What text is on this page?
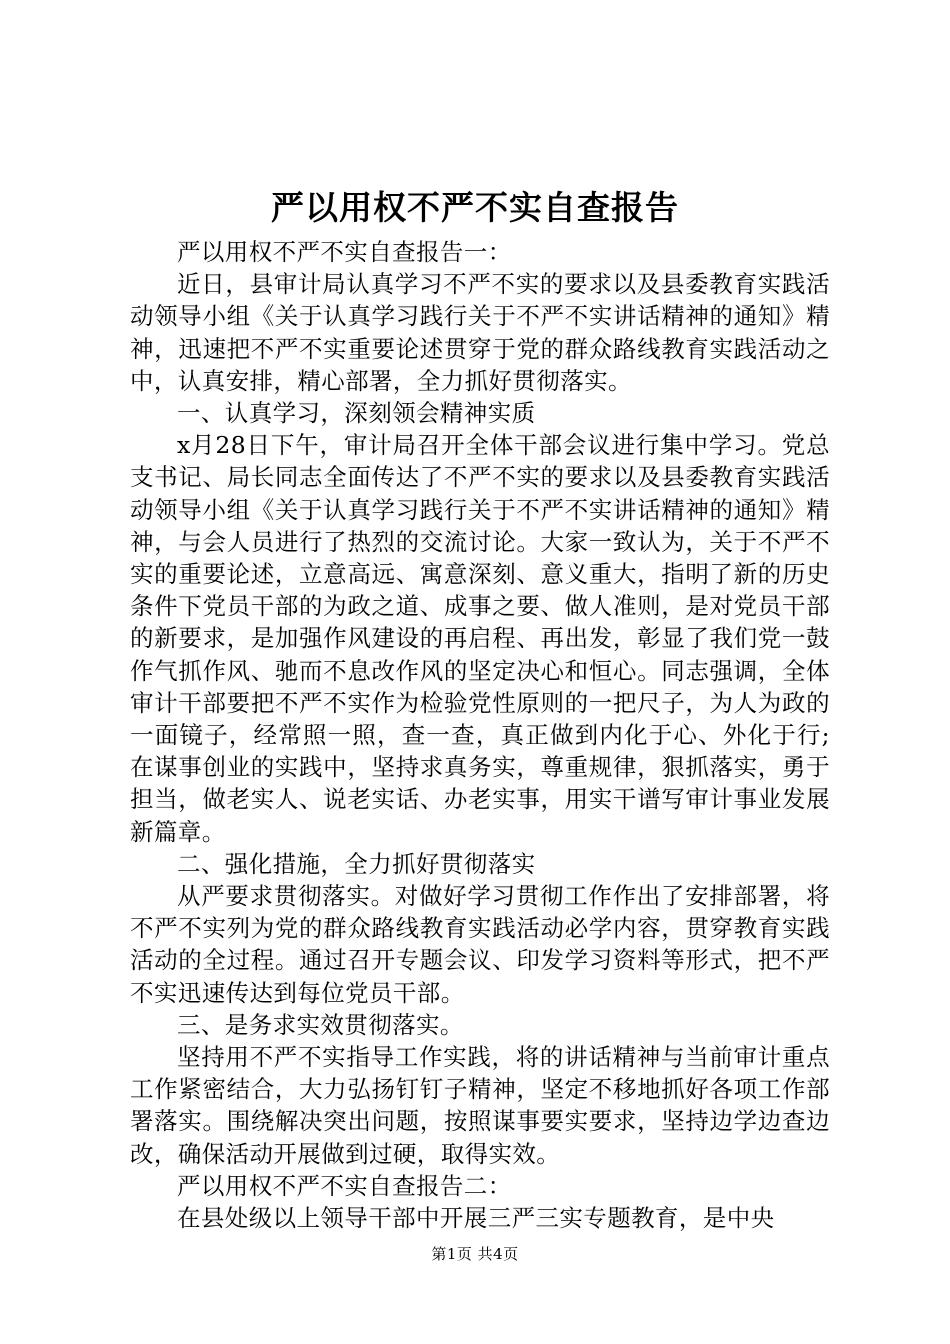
严以用权不严不实自查报告

严以用权不严不实自查报告一：

近日，县审计局认真学习不严不实的要求以及县委教育实践活动领导小组《关于认真学习践行关于不严不实讲话精神的通知》精神，迅速把不严不实重要论述贯穿于党的群众路线教育实践活动之中，认真安排，精心部署，全力抓好贯彻落实。

一、认真学习，深刻领会精神实质

x月28日下午，审计局召开全体干部会议进行集中学习。党总支书记、局长同志全面传达了不严不实的要求以及县委教育实践活动领导小组《关于认真学习践行关于不严不实讲话精神的通知》精神，与会人员进行了热烈的交流讨论。大家一致认为，关于不严不实的重要论述，立意高远、寓意深刻、意义重大，指明了新的历史条件下党员干部的为政之道、成事之要、做人准则，是对党员干部的新要求，是加强作风建设的再启程、再出发，彰显了我们党一鼓作气抓作风、驰而不息改作风的坚定决心和恒心。同志强调，全体审计干部要把不严不实作为检验党性原则的一把尺子，为人为政的一面镜子，经常照一照，查一查，真正做到内化于心、外化于行;在谋事创业的实践中，坚持求真务实，尊重规律，狠抓落实，勇于担当，做老实人、说老实话、办老实事，用实干谱写审计事业发展新篇章。

二、强化措施，全力抓好贯彻落实

从严要求贯彻落实。对做好学习贯彻工作作出了安排部署，将不严不实列为党的群众路线教育实践活动必学内容，贯穿教育实践活动的全过程。通过召开专题会议、印发学习资料等形式，把不严不实迅速传达到每位党员干部。

三、是务求实效贯彻落实。

坚持用不严不实指导工作实践，将的讲话精神与当前审计重点工作紧密结合，大力弘扬钉钉子精神，坚定不移地抓好各项工作部署落实。围绕解决突出问题，按照谋事要实要求，坚持边学边查边改，确保活动开展做到过硬，取得实效。

严以用权不严不实自查报告二：

在县处级以上领导干部中开展三严三实专题教育，是中央

第1页 共4页
